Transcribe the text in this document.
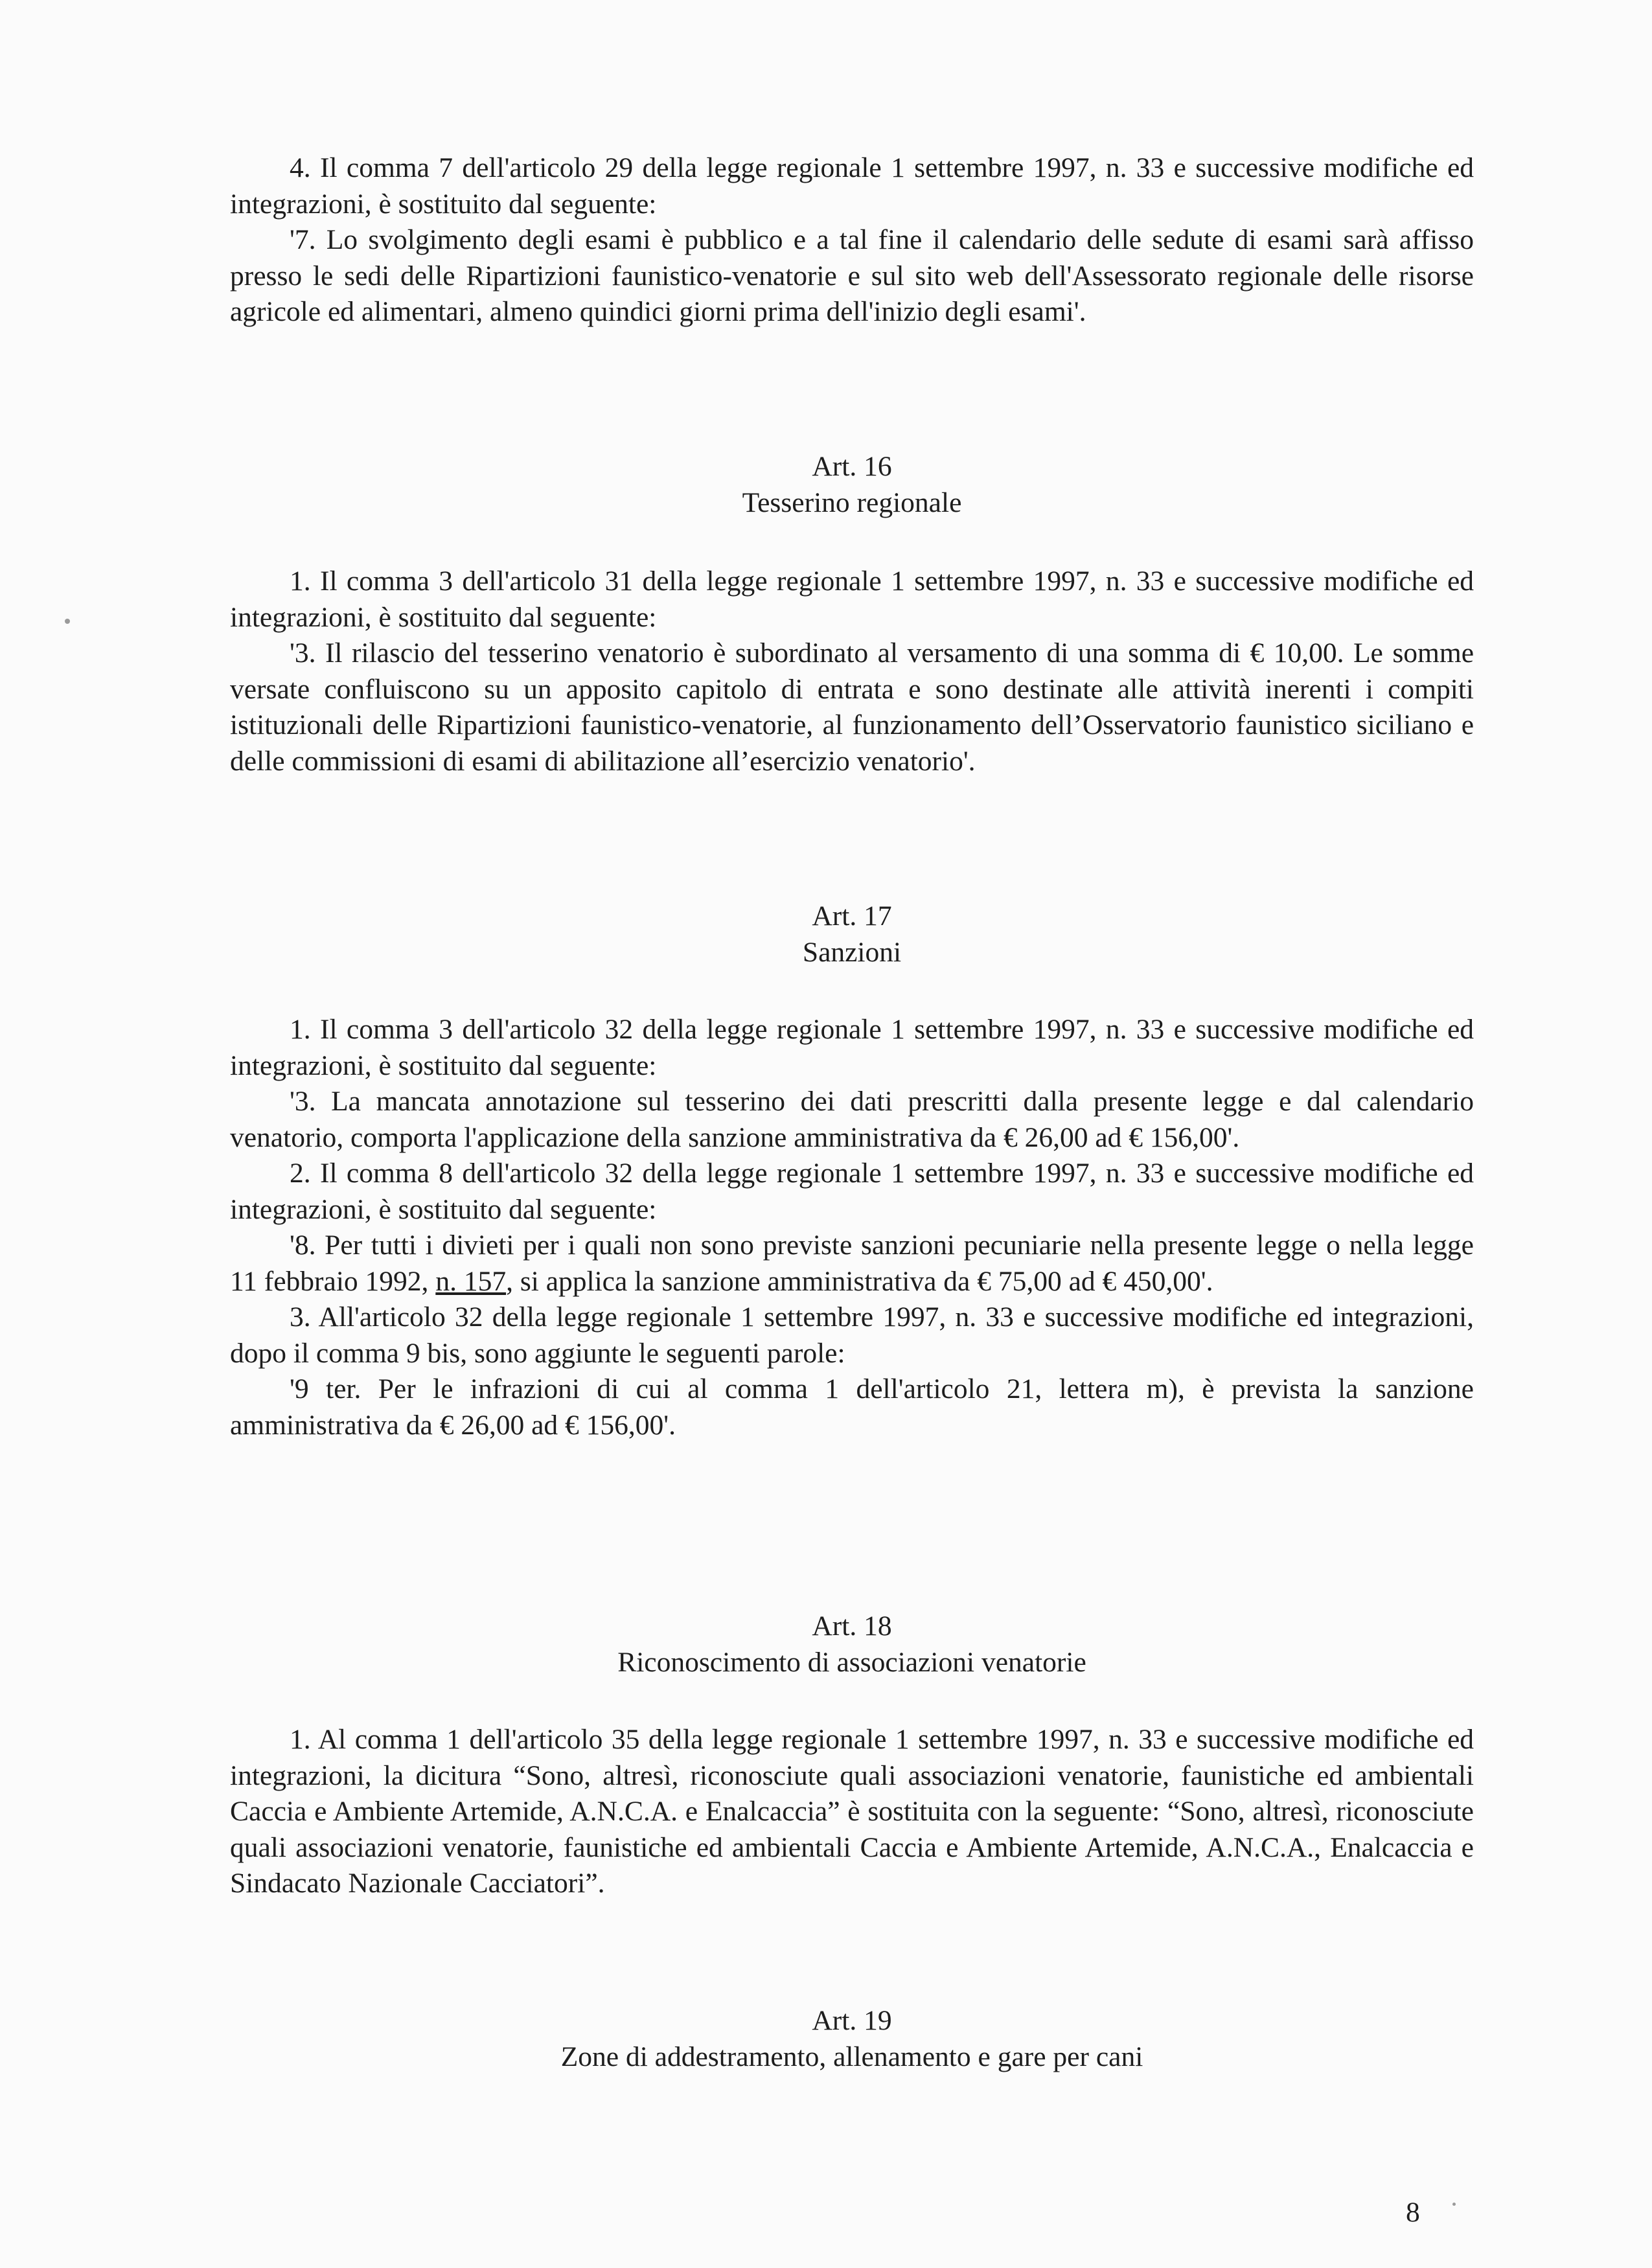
4. Il comma 7 dell'articolo 29 della legge regionale 1 settembre 1997, n. 33 e successive modifiche ed integrazioni, è sostituito dal seguente:

'7. Lo svolgimento degli esami è pubblico e a tal fine il calendario delle sedute di esami sarà affisso presso le sedi delle Ripartizioni faunistico-venatorie e sul sito web dell'Assessorato regionale delle risorse agricole ed alimentari, almeno quindici giorni prima dell'inizio degli esami'.

Art. 16
Tesserino regionale

1. Il comma 3 dell'articolo 31 della legge regionale 1 settembre 1997, n. 33 e successive modifiche ed integrazioni, è sostituito dal seguente:

'3. Il rilascio del tesserino venatorio è subordinato al versamento di una somma di € 10,00. Le somme versate confluiscono su un apposito capitolo di entrata e sono destinate alle attività inerenti i compiti istituzionali delle Ripartizioni faunistico-venatorie, al funzionamento dell’Osservatorio faunistico siciliano e delle commissioni di esami di abilitazione all’esercizio venatorio'.

Art. 17
Sanzioni

1. Il comma 3 dell'articolo 32 della legge regionale 1 settembre 1997, n. 33 e successive modifiche ed integrazioni, è sostituito dal seguente:

'3. La mancata annotazione sul tesserino dei dati prescritti dalla presente legge e dal calendario venatorio, comporta l'applicazione della sanzione amministrativa da € 26,00 ad € 156,00'.

2. Il comma 8 dell'articolo 32 della legge regionale 1 settembre 1997, n. 33 e successive modifiche ed integrazioni, è sostituito dal seguente:

'8. Per tutti i divieti per i quali non sono previste sanzioni pecuniarie nella presente legge o nella legge 11 febbraio 1992, n. 157, si applica la sanzione amministrativa da € 75,00 ad € 450,00'.

3. All'articolo 32 della legge regionale 1 settembre 1997, n. 33 e successive modifiche ed integrazioni, dopo il comma 9 bis, sono aggiunte le seguenti parole:

'9 ter. Per le infrazioni di cui al comma 1 dell'articolo 21, lettera m), è prevista la sanzione amministrativa da € 26,00 ad € 156,00'.

Art. 18
Riconoscimento di associazioni venatorie

1. Al comma 1 dell'articolo 35 della legge regionale 1 settembre 1997, n. 33 e successive modifiche ed integrazioni, la dicitura “Sono, altresì, riconosciute quali associazioni venatorie, faunistiche ed ambientali Caccia e Ambiente Artemide, A.N.C.A. e Enalcaccia” è sostituita con la seguente: “Sono, altresì, riconosciute quali associazioni venatorie, faunistiche ed ambientali Caccia e Ambiente Artemide, A.N.C.A., Enalcaccia e Sindacato Nazionale Cacciatori”.

Art. 19
Zone di addestramento, allenamento e gare per cani
8
